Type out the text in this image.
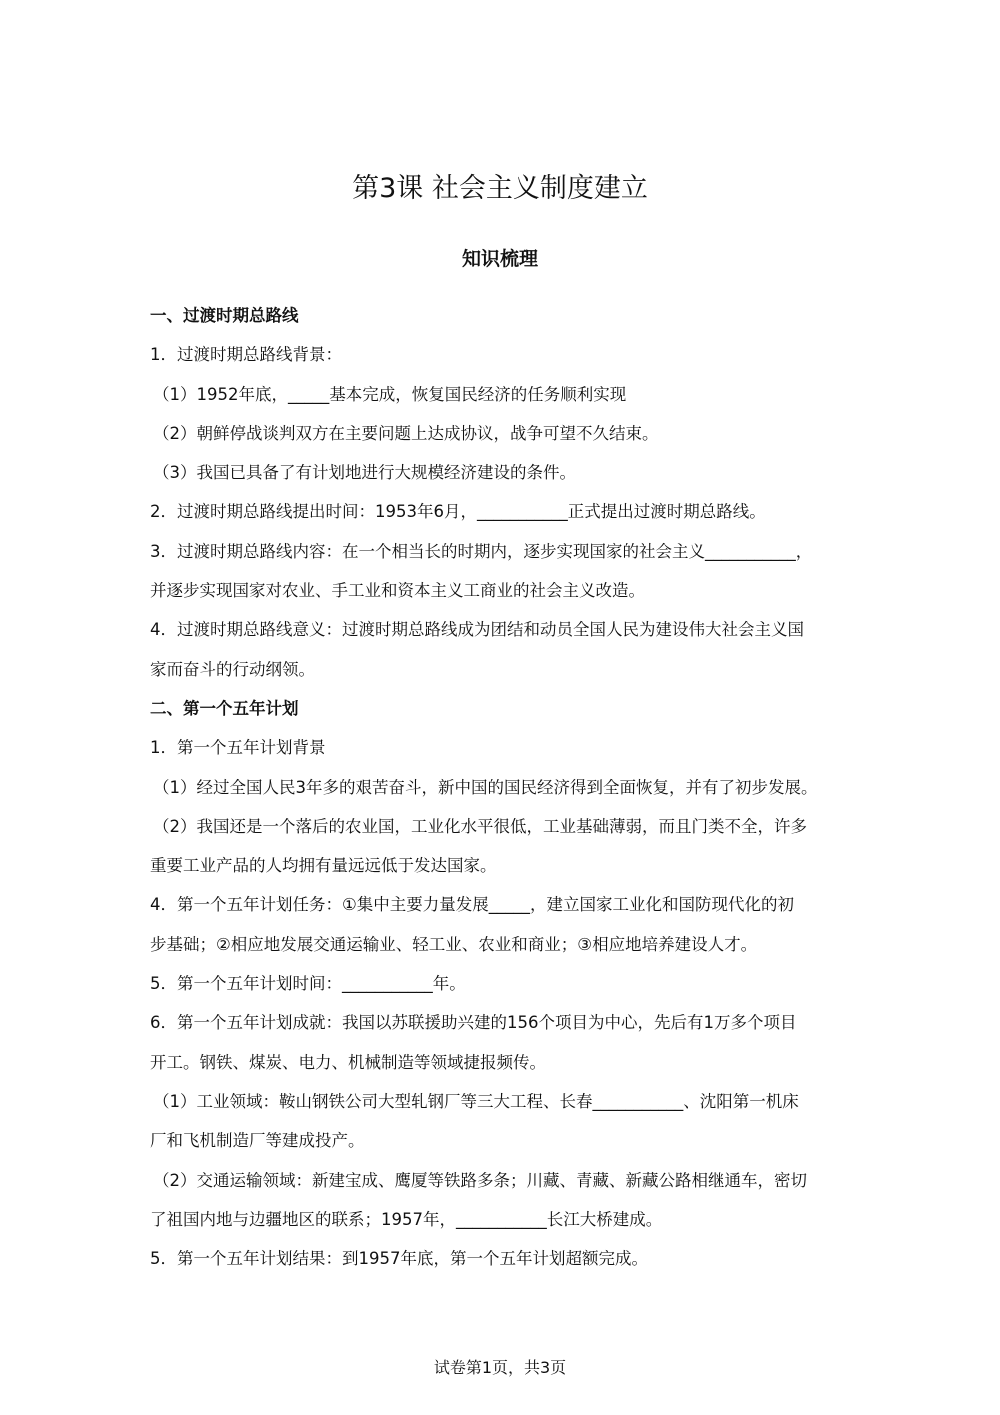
第3课 社会主义制度建立
知识梳理
一、过渡时期总路线
1．过渡时期总路线背景：
（1）1952年底，_____基本完成，恢复国民经济的任务顺利实现
（2）朝鲜停战谈判双方在主要问题上达成协议，战争可望不久结束。
（3）我国已具备了有计划地进行大规模经济建设的条件。
2．过渡时期总路线提出时间：1953年6月，___________正式提出过渡时期总路线。
3．过渡时期总路线内容：在一个相当长的时期内，逐步实现国家的社会主义___________，
并逐步实现国家对农业、手工业和资本主义工商业的社会主义改造。
4．过渡时期总路线意义：过渡时期总路线成为团结和动员全国人民为建设伟大社会主义国
家而奋斗的行动纲领。
二、第一个五年计划
1．第一个五年计划背景
（1）经过全国人民3年多的艰苦奋斗，新中国的国民经济得到全面恢复，并有了初步发展。
（2）我国还是一个落后的农业国，工业化水平很低，工业基础薄弱，而且门类不全，许多
重要工业产品的人均拥有量远远低于发达国家。
4．第一个五年计划任务：①集中主要力量发展_____，建立国家工业化和国防现代化的初
步基础；②相应地发展交通运输业、轻工业、农业和商业；③相应地培养建设人才。
5．第一个五年计划时间：___________年。
6．第一个五年计划成就：我国以苏联援助兴建的156个项目为中心，先后有1万多个项目
开工。钢铁、煤炭、电力、机械制造等领域捷报频传。
（1）工业领域：鞍山钢铁公司大型轧钢厂等三大工程、长春___________、沈阳第一机床
厂和飞机制造厂等建成投产。
（2）交通运输领域：新建宝成、鹰厦等铁路多条；川藏、青藏、新藏公路相继通车，密切
了祖国内地与边疆地区的联系；1957年，___________长江大桥建成。
5．第一个五年计划结果：到1957年底，第一个五年计划超额完成。
试卷第1页，共3页
